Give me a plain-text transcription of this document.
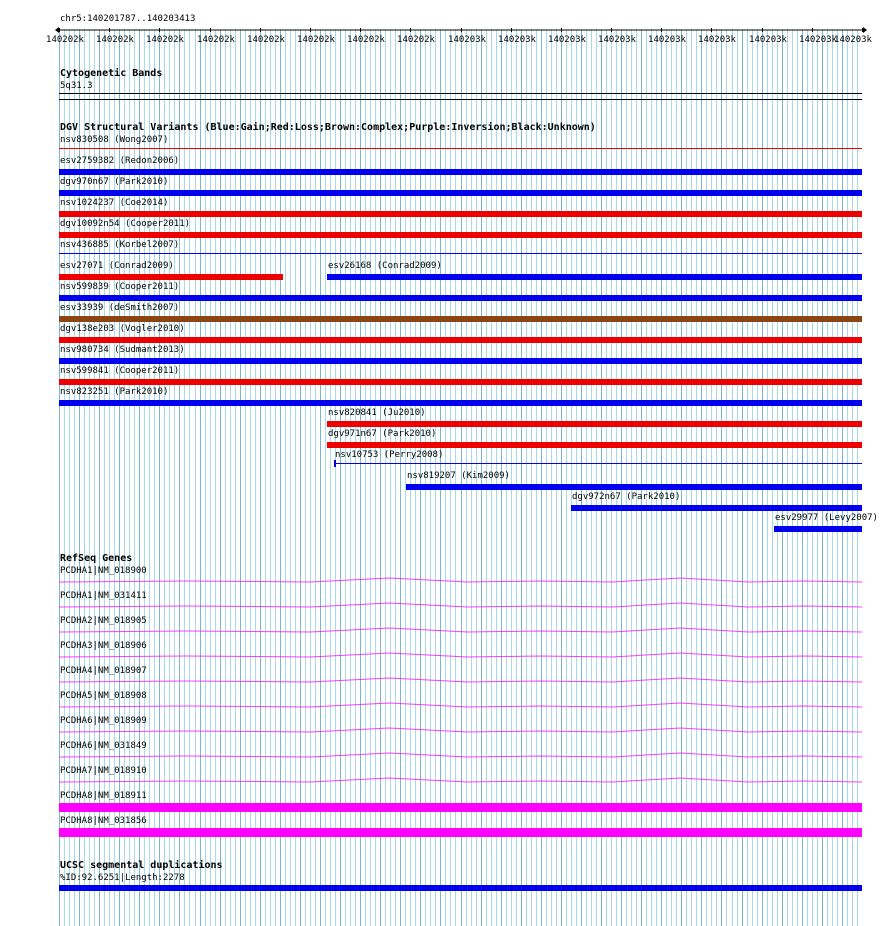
chr5:140201787..140203413
140202k 140202k 140202k 140202k 140202k 140202k 140202k 140202k 140203k 140203k 140203k 140203k 140203k 140203k 140203k 140203k
140203k
Cytogenetic Bands
5q31.3
DGV Structural Variants (Blue:Gain;Red:Loss;Brown:Complex;Purple:Inversion;Black:Unknown)
nsv830508 (Wong2007)
esv2759382 (Redon2006)
dgv970n67 (Park2010)
nsv1024237 (Coe2014)
dgv10092n54 (Cooper2011)
nsv436885 (Korbel2007)
esv27071 (Conrad2009)	esv26168 (Conrad2009)
nsv599839 (Cooper2011)
esv33939 (deSmith2007)
dgv138e203 (Vogler2010)
nsv980734 (Sudmant2013)
nsv599841 (Cooper2011)
nsv823251 (Park2010)
nsv820841 (Ju2010)
dgv971n67 (Park2010)
nsv10753 (Perry2008)
nsv819207 (Kim2009)
dgv972n67 (Park2010)
esv29977 (Levy2007)
RefSeq Genes
PCDHA1|NM_018900
PCDHA1|NM_031411
PCDHA2|NM_018905
PCDHA3|NM_018906
PCDHA4|NM_018907
PCDHA5|NM_018908
PCDHA6|NM_018909
PCDHA6|NM_031849
PCDHA7|NM_018910
PCDHA8|NM_018911
PCDHA8|NM_031856
UCSC segmental duplications
%ID:92.6251|Length:2278
